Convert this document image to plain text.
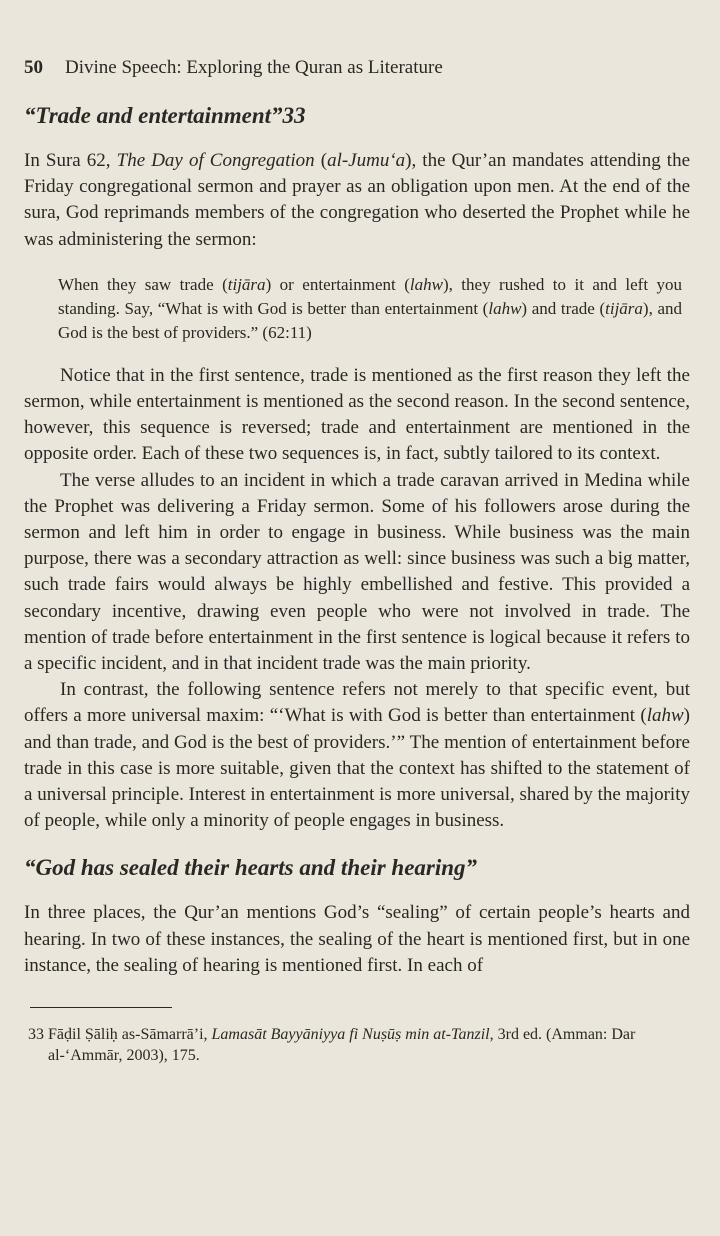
50 Divine Speech: Exploring the Quran as Literature
“Trade and entertainment”33

In Sura 62, The Day of Congregation (al-Jumu‘a), the Qur’an mandates attending the Friday congregational sermon and prayer as an obligation upon men. At the end of the sura, God reprimands members of the congregation who deserted the Prophet while he was administering the sermon:

When they saw trade (tijāra) or entertainment (lahw), they rushed to it and left you standing. Say, “What is with God is better than entertainment (lahw) and trade (tijāra), and God is the best of providers.” (62:11)

Notice that in the first sentence, trade is mentioned as the first reason they left the sermon, while entertainment is mentioned as the second reason. In the second sentence, however, this sequence is reversed; trade and entertainment are mentioned in the opposite order. Each of these two sequences is, in fact, subtly tailored to its context.

The verse alludes to an incident in which a trade caravan arrived in Medina while the Prophet was delivering a Friday sermon. Some of his followers arose during the sermon and left him in order to engage in business. While business was the main purpose, there was a secondary attraction as well: since business was such a big matter, such trade fairs would always be highly embellished and festive. This provided a secondary incentive, drawing even people who were not involved in trade. The mention of trade before entertainment in the first sentence is logical because it refers to a specific incident, and in that incident trade was the main priority.

In contrast, the following sentence refers not merely to that specific event, but offers a more universal maxim: “‘What is with God is better than entertainment (lahw) and than trade, and God is the best of providers.’” The mention of entertainment before trade in this case is more suitable, given that the context has shifted to the statement of a universal principle. Interest in entertainment is more universal, shared by the majority of people, while only a minority of people engages in business.

“God has sealed their hearts and their hearing”

In three places, the Qur’an mentions God’s “sealing” of certain people’s hearts and hearing. In two of these instances, the sealing of the heart is mentioned first, but in one instance, the sealing of hearing is mentioned first. In each of

33 Fāḍil Ṣāliḥ as-Sāmarrā’i, Lamasāt Bayyāniyya fi Nuṣūṣ min at-Tanzil, 3rd ed. (Amman: Dar
al-‘Ammār, 2003), 175.
